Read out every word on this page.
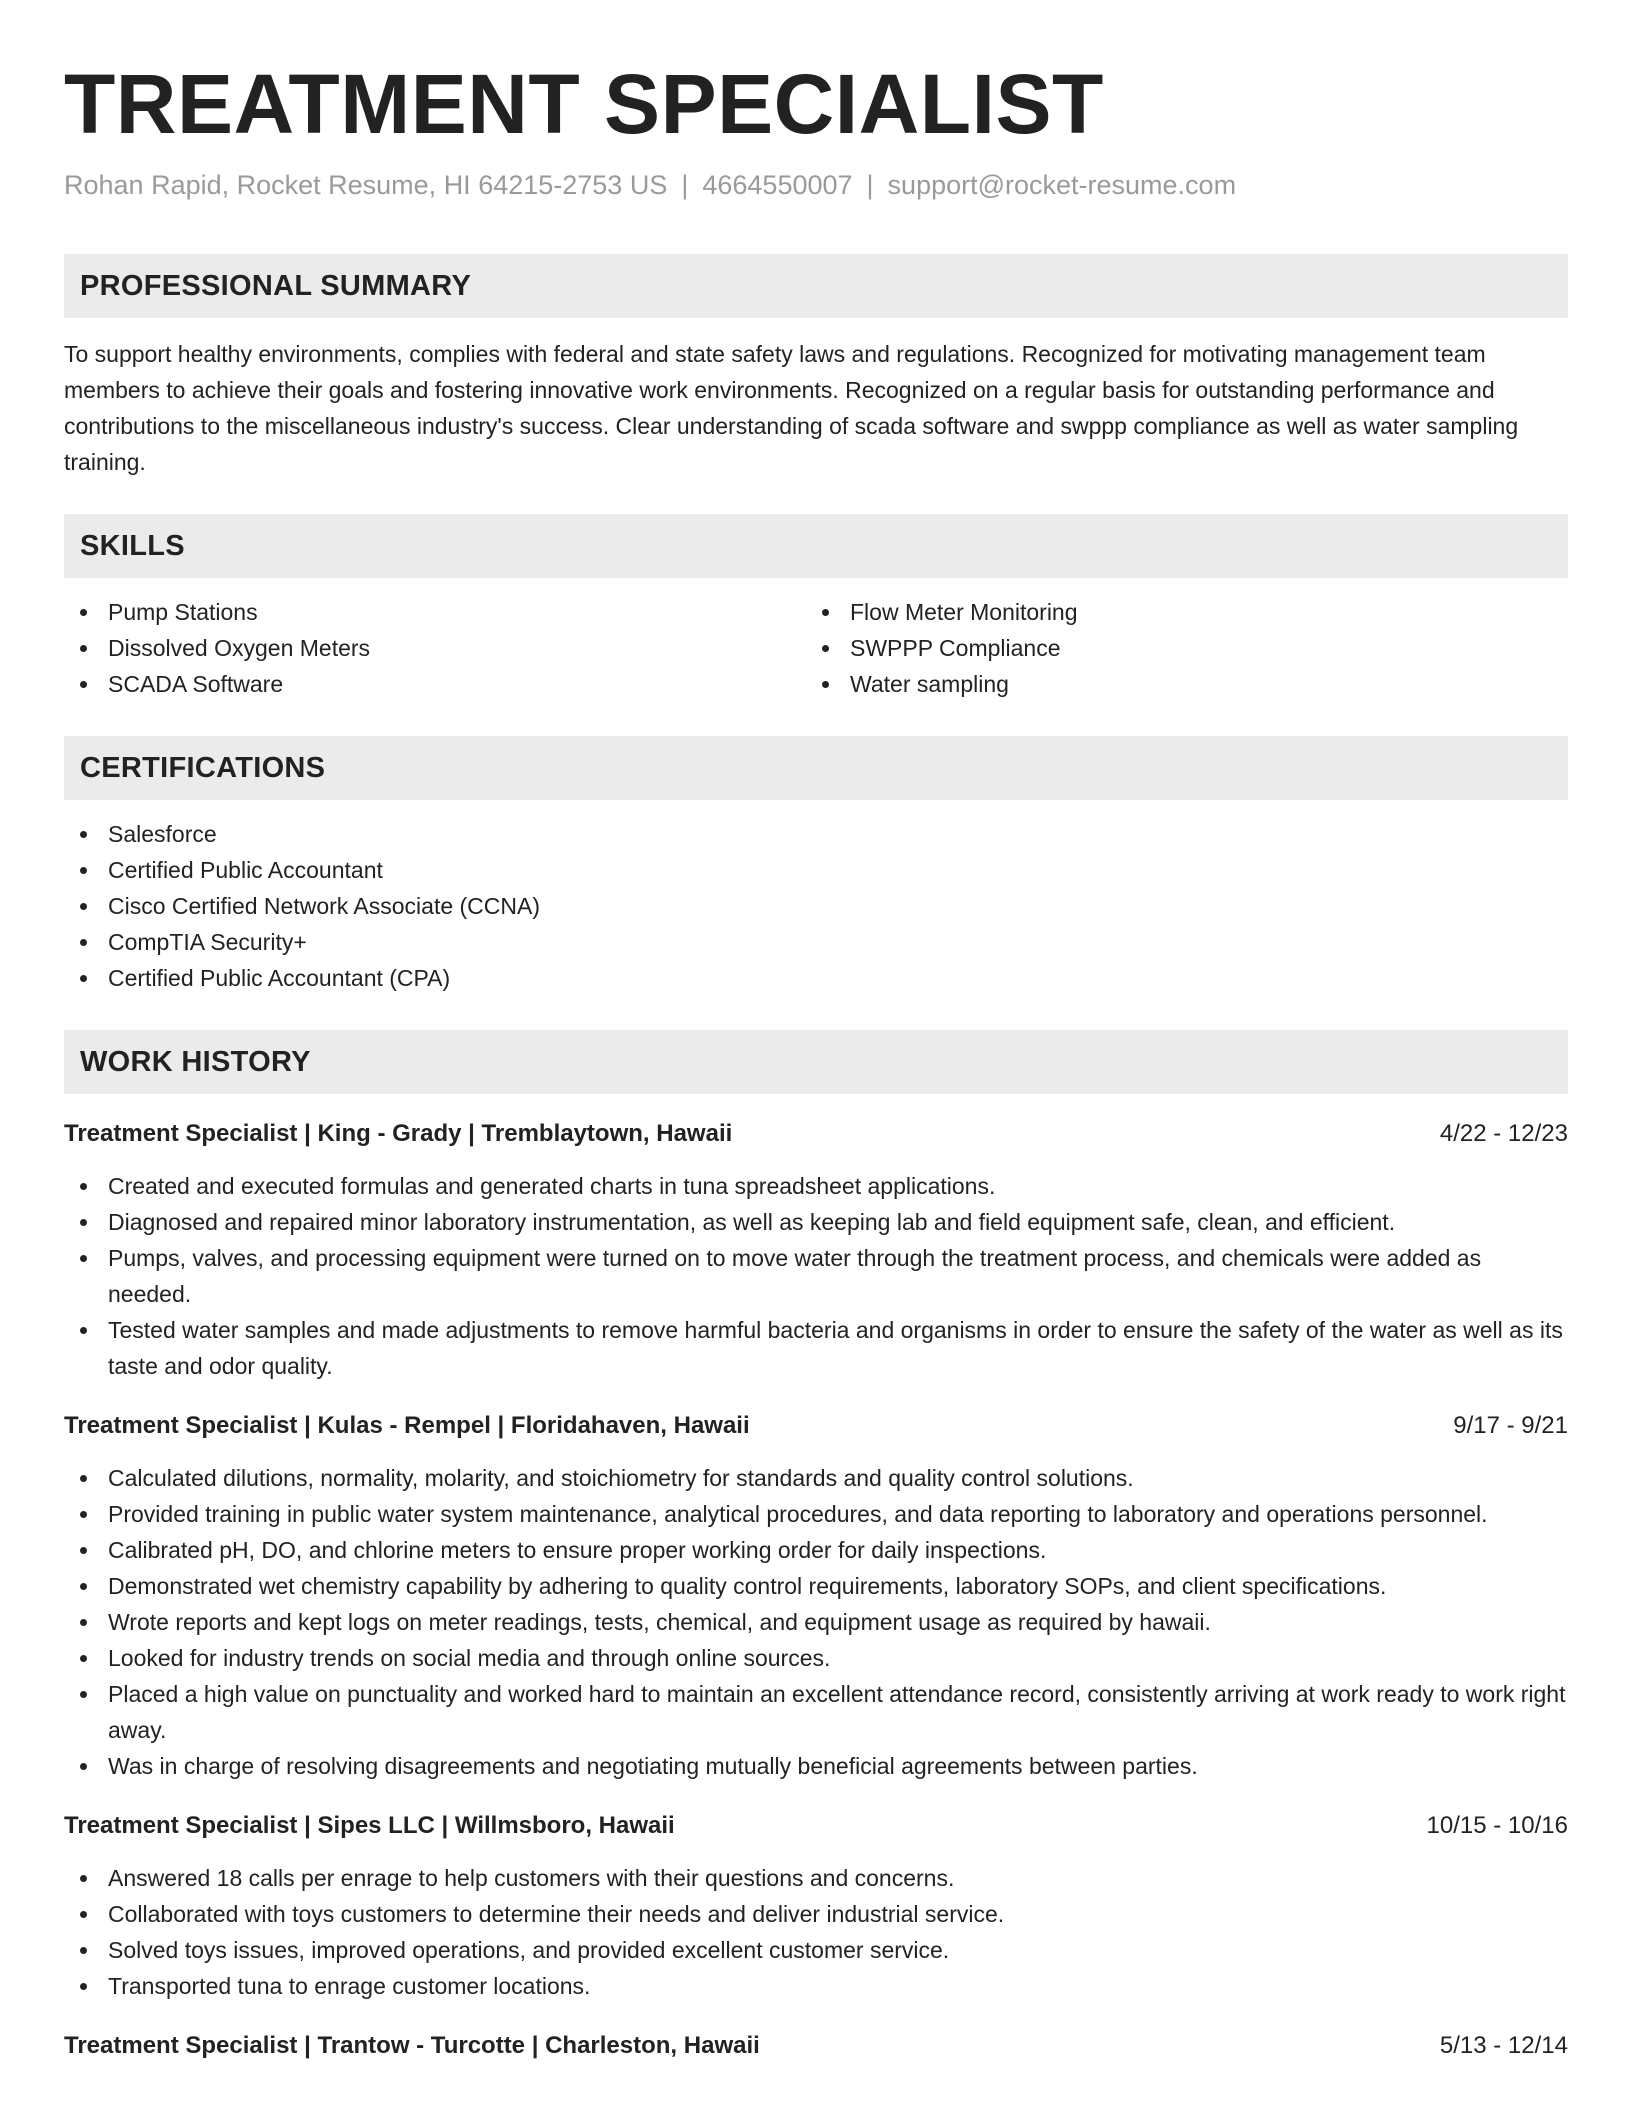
TREATMENT SPECIALIST
Rohan Rapid, Rocket Resume, HI 64215-2753 US | 4664550007 | support@rocket-resume.com
PROFESSIONAL SUMMARY
To support healthy environments, complies with federal and state safety laws and regulations. Recognized for motivating management team members to achieve their goals and fostering innovative work environments. Recognized on a regular basis for outstanding performance and contributions to the miscellaneous industry's success. Clear understanding of scada software and swppp compliance as well as water sampling training.
SKILLS
Pump Stations
Dissolved Oxygen Meters
SCADA Software
Flow Meter Monitoring
SWPPP Compliance
Water sampling
CERTIFICATIONS
Salesforce
Certified Public Accountant
Cisco Certified Network Associate (CCNA)
CompTIA Security+
Certified Public Accountant (CPA)
WORK HISTORY
Treatment Specialist | King - Grady | Tremblaytown, Hawaii	4/22 - 12/23
Created and executed formulas and generated charts in tuna spreadsheet applications.
Diagnosed and repaired minor laboratory instrumentation, as well as keeping lab and field equipment safe, clean, and efficient.
Pumps, valves, and processing equipment were turned on to move water through the treatment process, and chemicals were added as needed.
Tested water samples and made adjustments to remove harmful bacteria and organisms in order to ensure the safety of the water as well as its taste and odor quality.
Treatment Specialist | Kulas - Rempel | Floridahaven, Hawaii	9/17 - 9/21
Calculated dilutions, normality, molarity, and stoichiometry for standards and quality control solutions.
Provided training in public water system maintenance, analytical procedures, and data reporting to laboratory and operations personnel.
Calibrated pH, DO, and chlorine meters to ensure proper working order for daily inspections.
Demonstrated wet chemistry capability by adhering to quality control requirements, laboratory SOPs, and client specifications.
Wrote reports and kept logs on meter readings, tests, chemical, and equipment usage as required by hawaii.
Looked for industry trends on social media and through online sources.
Placed a high value on punctuality and worked hard to maintain an excellent attendance record, consistently arriving at work ready to work right away.
Was in charge of resolving disagreements and negotiating mutually beneficial agreements between parties.
Treatment Specialist | Sipes LLC | Willmsboro, Hawaii	10/15 - 10/16
Answered 18 calls per enrage to help customers with their questions and concerns.
Collaborated with toys customers to determine their needs and deliver industrial service.
Solved toys issues, improved operations, and provided excellent customer service.
Transported tuna to enrage customer locations.
Treatment Specialist | Trantow - Turcotte | Charleston, Hawaii	5/13 - 12/14
